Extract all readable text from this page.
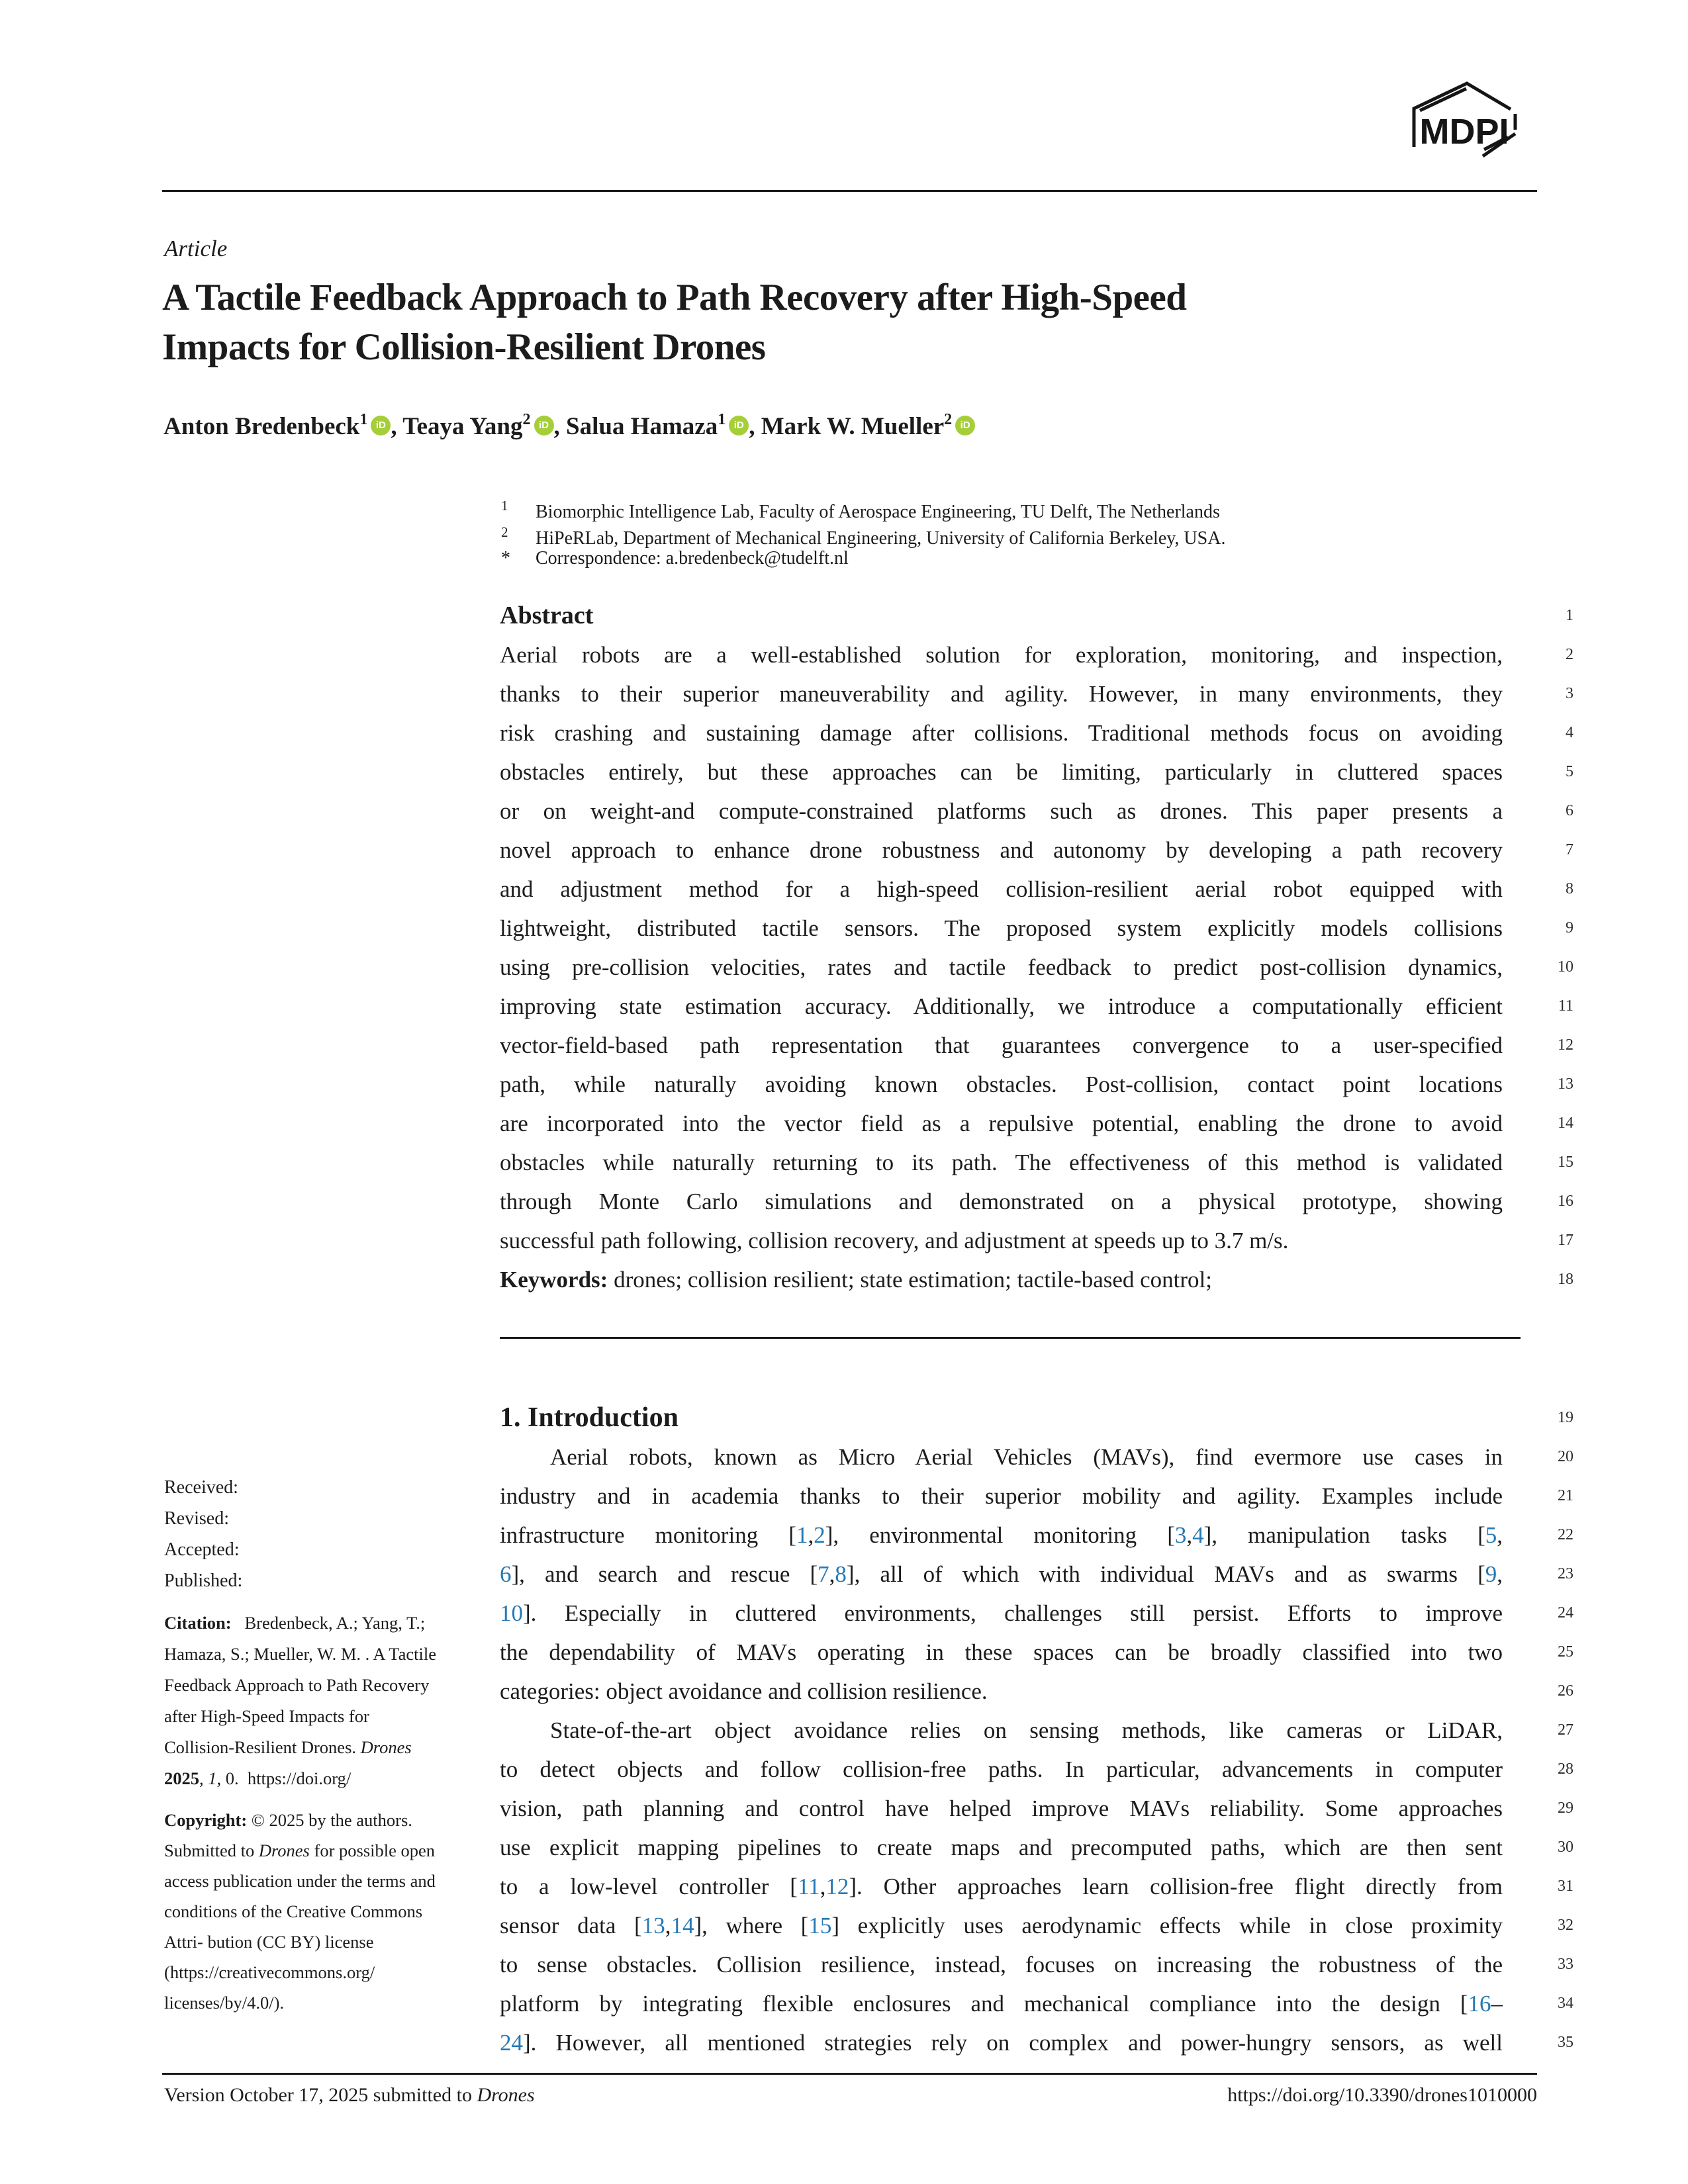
MDPI
Article
A Tactile Feedback Approach to Path Recovery after High-Speed
Impacts for Collision-Resilient Drones
Anton Bredenbeck$^1$ iD , Teaya Yang$^2$ iD , Salua Hamaza$^1$ iD , Mark W. Mueller$^2$ iD
1 Biomorphic Intelligence Lab, Faculty of Aerospace Engineering, TU Delft, The Netherlands
2 HiPeRLab, Department of Mechanical Engineering, University of California Berkeley, USA.
* Correspondence: a.bredenbeck@tudelft.nl
Abstract	1
Aerial robots are a well-established solution for exploration, monitoring, and inspection,	2
thanks to their superior maneuverability and agility. However, in many environments, they	3
risk crashing and sustaining damage after collisions. Traditional methods focus on avoiding	4
obstacles entirely, but these approaches can be limiting, particularly in cluttered spaces	5
or on weight-and compute-constrained platforms such as drones. This paper presents a	6
novel approach to enhance drone robustness and autonomy by developing a path recovery	7
and adjustment method for a high-speed collision-resilient aerial robot equipped with	8
lightweight, distributed tactile sensors. The proposed system explicitly models collisions	9
using pre-collision velocities, rates and tactile feedback to predict post-collision dynamics,	10
improving state estimation accuracy. Additionally, we introduce a computationally efficient	11
vector-field-based path representation that guarantees convergence to a user-specified	12
path, while naturally avoiding known obstacles. Post-collision, contact point locations	13
are incorporated into the vector field as a repulsive potential, enabling the drone to avoid	14
obstacles while naturally returning to its path. The effectiveness of this method is validated	15
through Monte Carlo simulations and demonstrated on a physical prototype, showing	16
successful path following, collision recovery, and adjustment at speeds up to 3.7 m/s.	17
Keywords: drones; collision resilient; state estimation; tactile-based control;	18
1. Introduction	19
Aerial robots, known as Micro Aerial Vehicles (MAVs), find evermore use cases in	20
industry and in academia thanks to their superior mobility and agility. Examples include	21
infrastructure monitoring [1,2], environmental monitoring [3,4], manipulation tasks [5,	22
6], and search and rescue [7,8], all of which with individual MAVs and as swarms [9,	23
10]. Especially in cluttered environments, challenges still persist. Efforts to improve	24
the dependability of MAVs operating in these spaces can be broadly classified into two	25
categories: object avoidance and collision resilience.	26
State-of-the-art object avoidance relies on sensing methods, like cameras or LiDAR,	27
to detect objects and follow collision-free paths. In particular, advancements in computer	28
vision, path planning and control have helped improve MAVs reliability. Some approaches	29
use explicit mapping pipelines to create maps and precomputed paths, which are then sent	30
to a low-level controller [11,12]. Other approaches learn collision-free flight directly from	31
sensor data [13,14], where [15] explicitly uses aerodynamic effects while in close proximity	32
to sense obstacles. Collision resilience, instead, focuses on increasing the robustness of the	33
platform by integrating flexible enclosures and mechanical compliance into the design [16–	34
24]. However, all mentioned strategies rely on complex and power-hungry sensors, as well	35
Received:
Revised:
Accepted:
Published:
Citation:   Bredenbeck, A.; Yang, T.;
Hamaza, S.; Mueller, W. M. . A Tactile
Feedback Approach to Path Recovery
after High-Speed Impacts for
Collision-Resilient Drones. Drones
2025, 1, 0.  https://doi.org/
Copyright: © 2025 by the authors.
Submitted to Drones for possible open
access publication under the terms and
conditions of the Creative Commons
Attri- bution (CC BY) license
(https://creativecommons.org/
licenses/by/4.0/).
Version October 17, 2025 submitted to Drones	https://doi.org/10.3390/drones1010000
